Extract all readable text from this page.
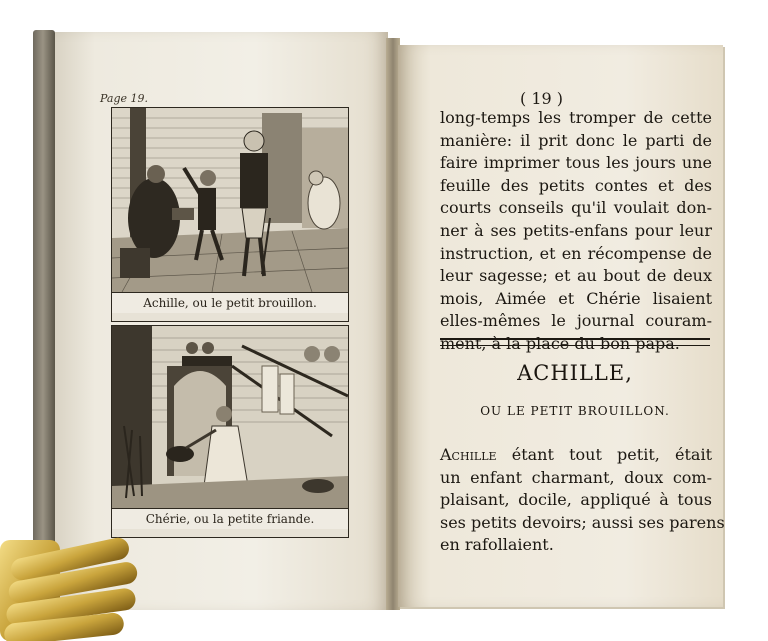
Page 19.
Achille, ou le petit brouillon.
Chérie, ou la petite friande.
( 19 )
long-temps les tromper de cette
manière: il prit donc le parti de
faire imprimer tous les jours une
feuille des petits contes et des
courts conseils qu'il voulait don-
ner à ses petits-enfans pour leur
instruction, et en récompense de
leur sagesse; et au bout de deux
mois, Aimée et Chérie lisaient
elles-mêmes le journal couram-
ment, à la place du bon papa.
ACHILLE,
OU LE PETIT BROUILLON.
Achille étant tout petit, était
un enfant charmant, doux com-
plaisant, docile, appliqué à tous
ses petits devoirs; aussi ses parens
en rafollaient.
